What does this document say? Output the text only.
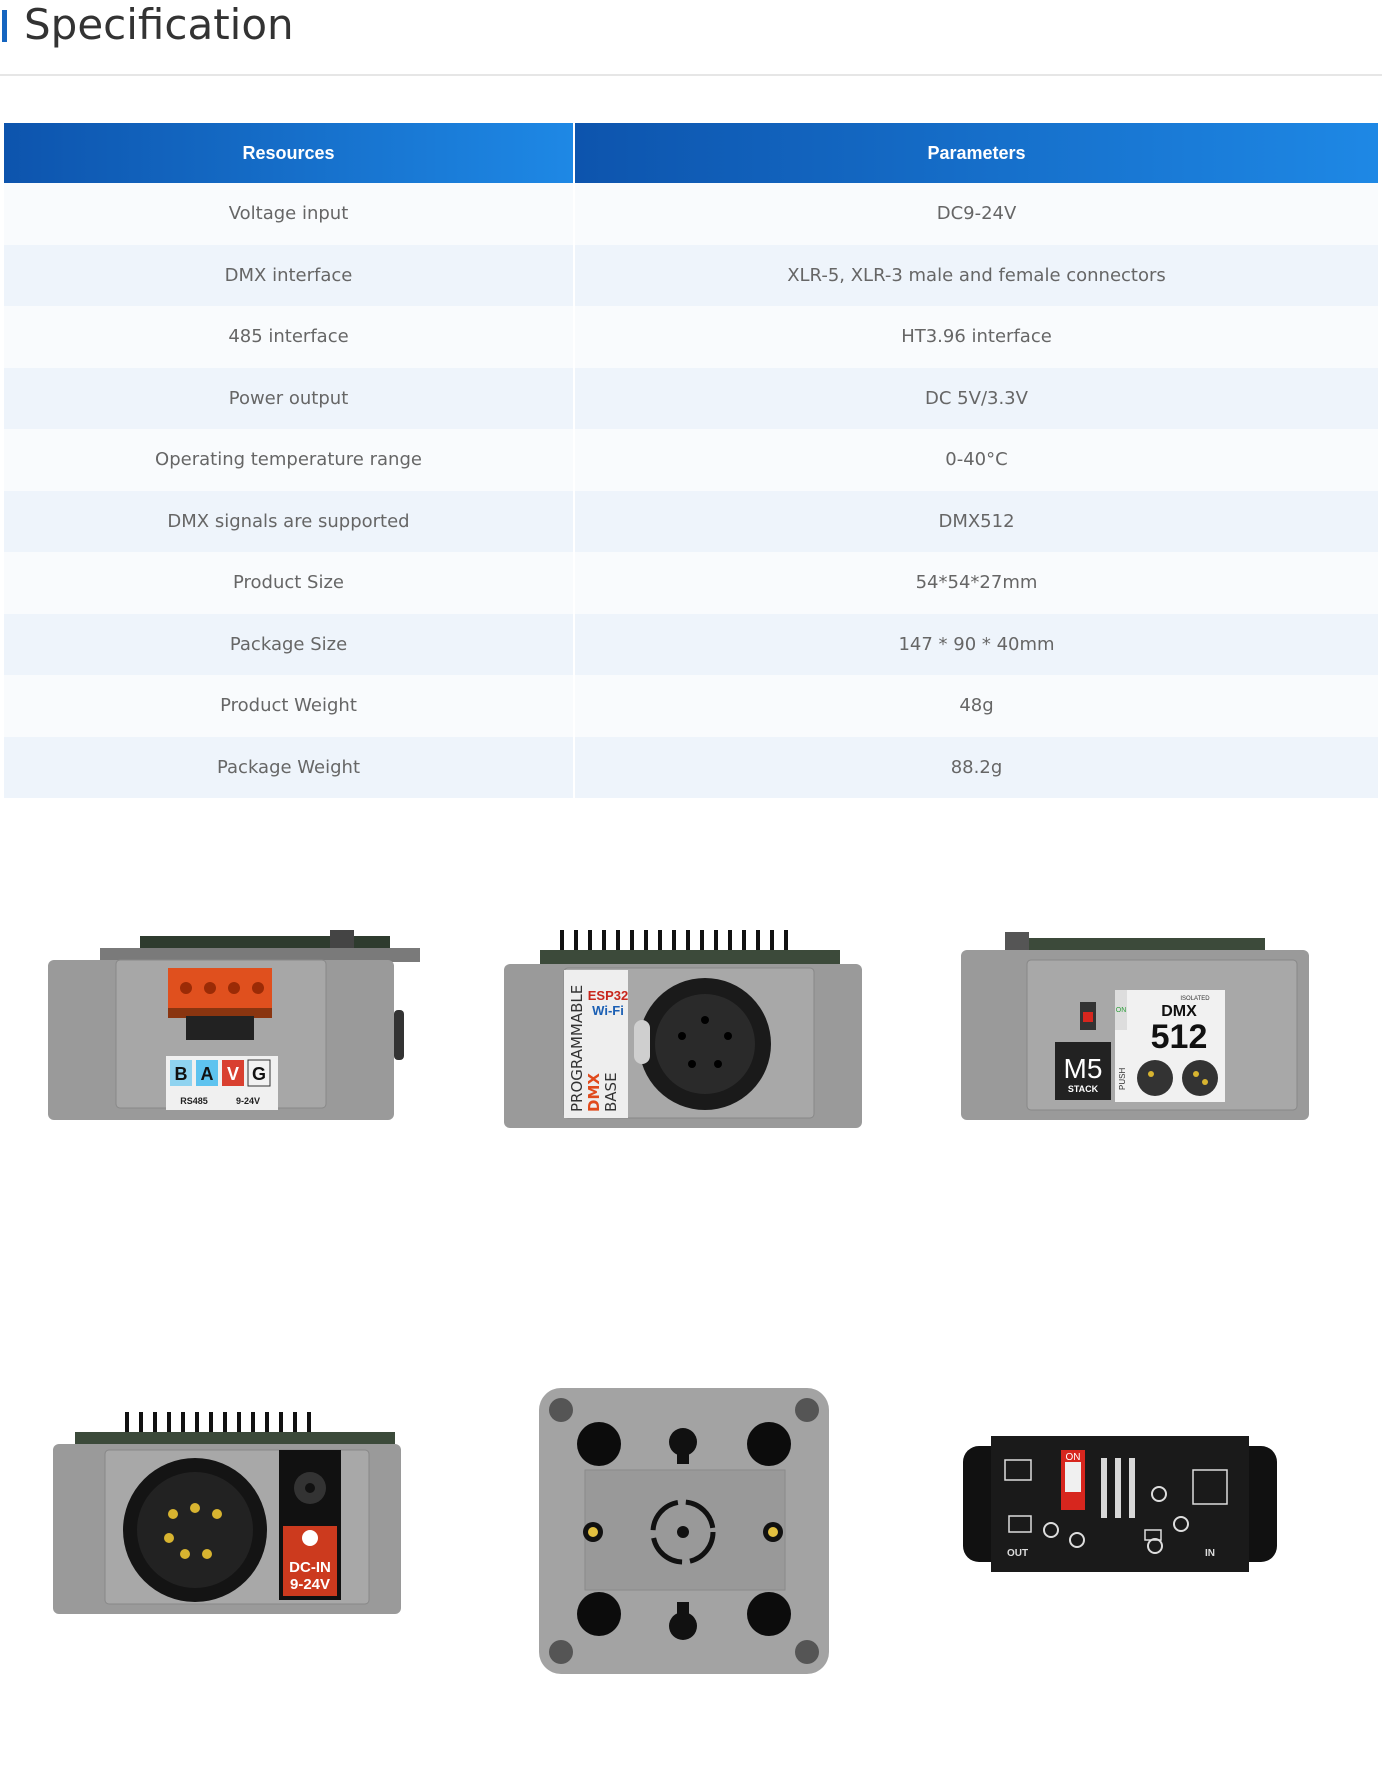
Specification
Resources	Parameters
Voltage input	DC9-24V
DMX interface	XLR-5, XLR-3 male and female connectors
485 interface	HT3.96 interface
Power output	DC 5V/3.3V
Operating temperature range	0-40°C
DMX signals are supported	DMX512
Product Size	54*54*27mm
Package Size	147 * 90 * 40mm
Product Weight	48g
Package Weight	88.2g
B A V G
RS485	9-24V
ESP32
Wi-Fi
PROGRAMMABLE DMX BASE
M5
STACK
ON
ISOLATED
DMX
512
PUSH
DC-IN
9-24V
ON
OUT	IN
